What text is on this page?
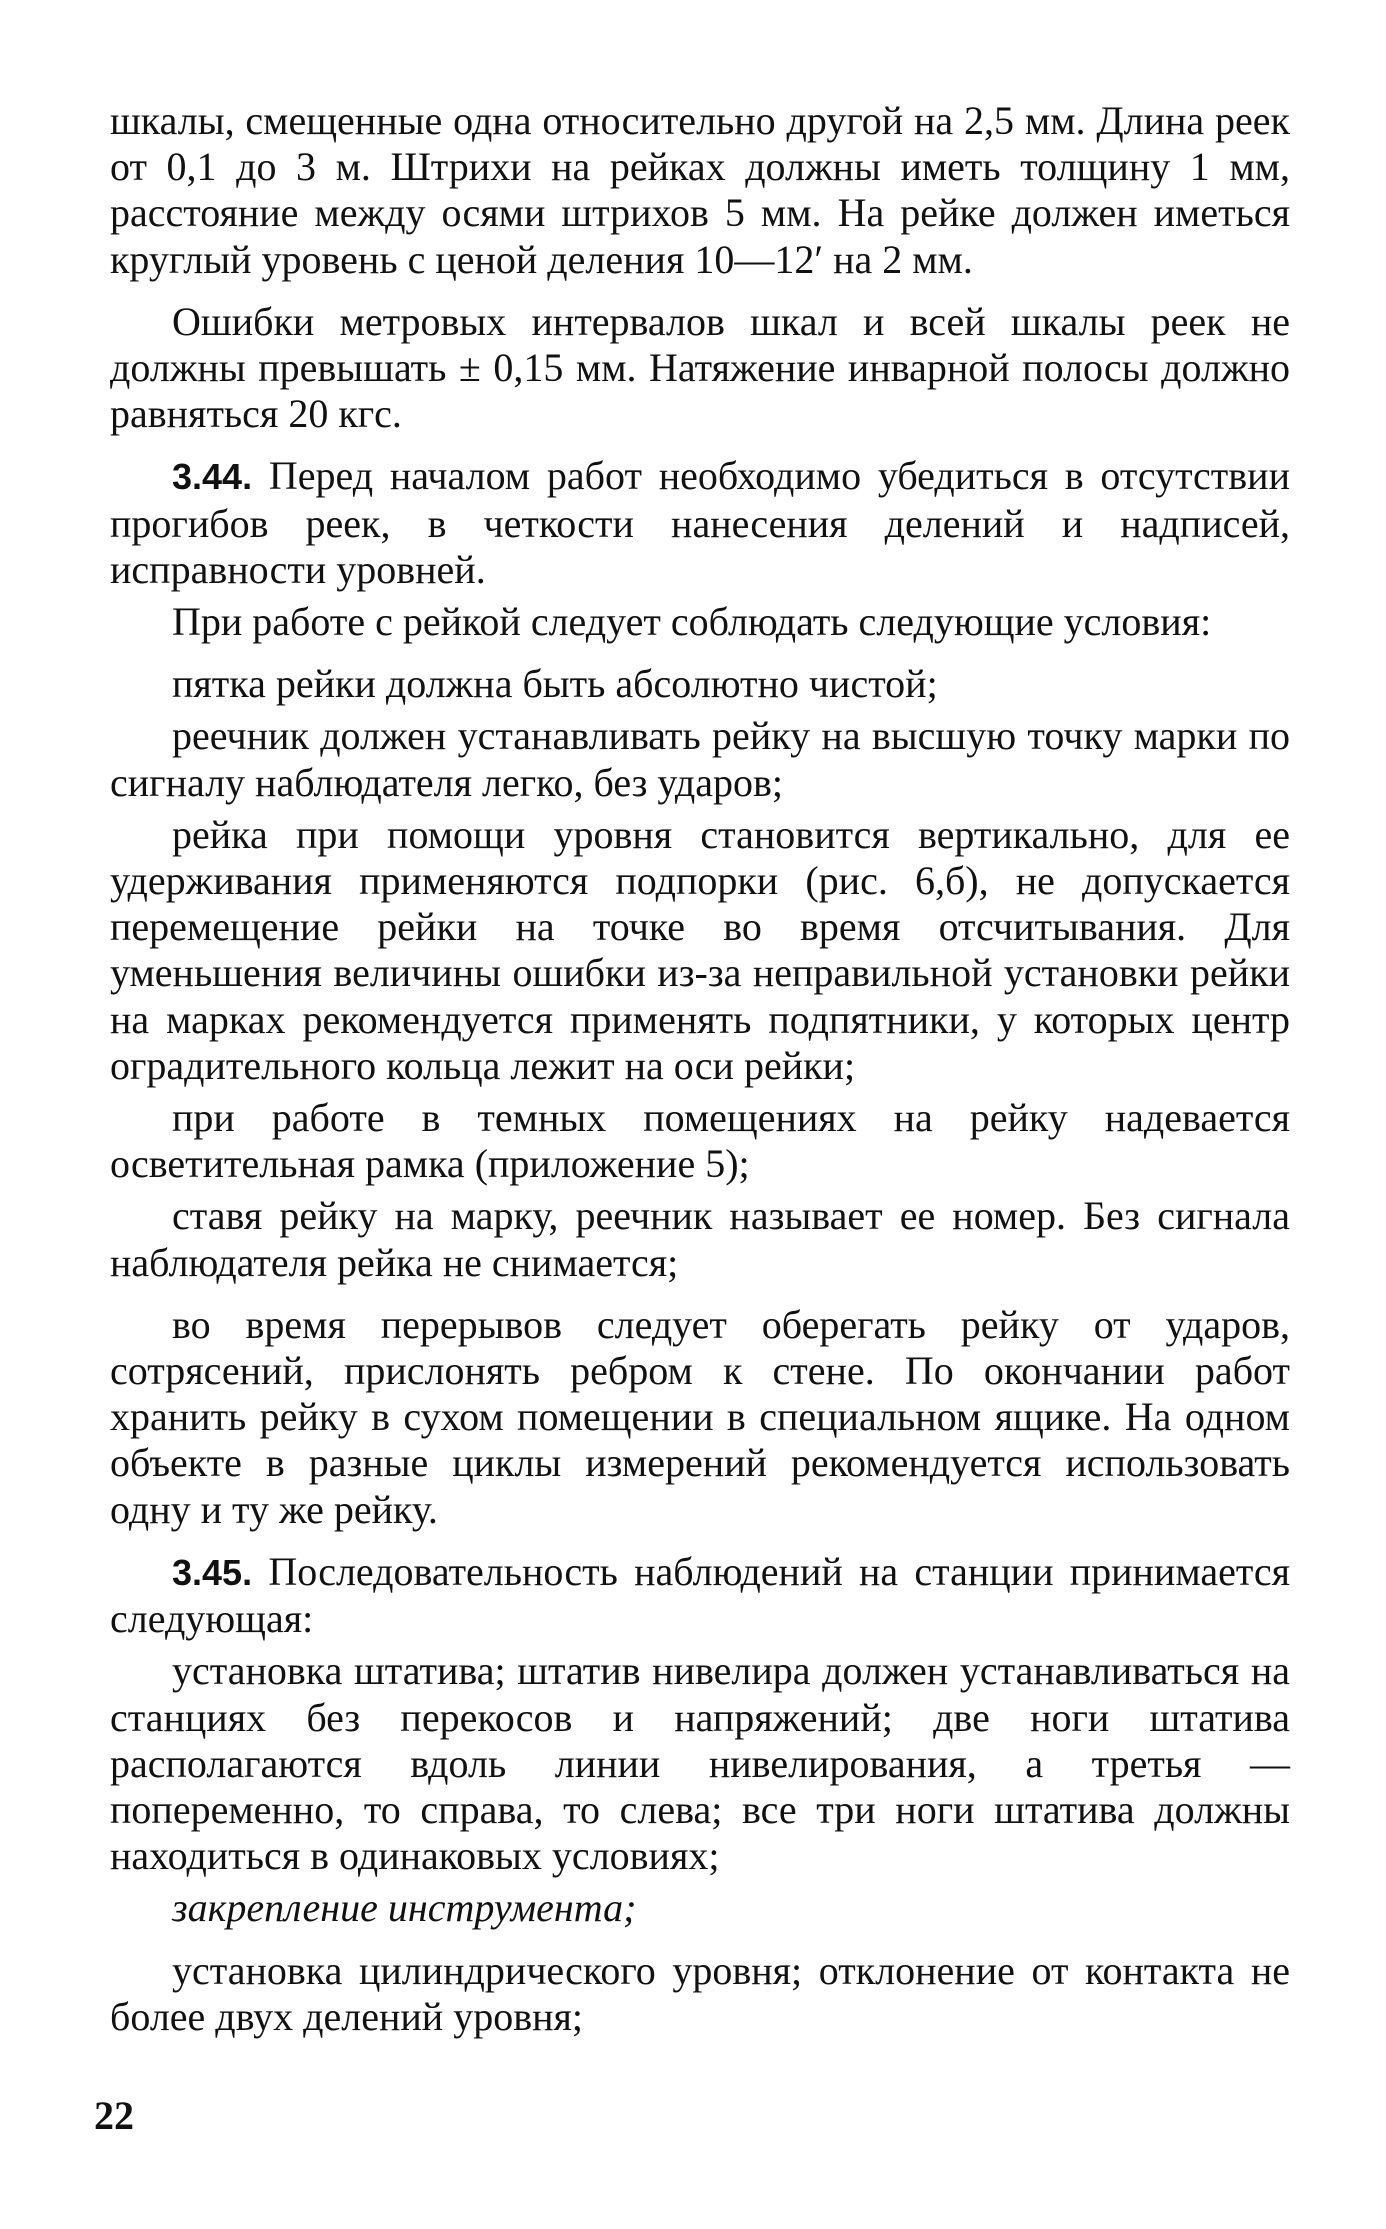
шкалы, смещенные одна относительно другой на 2,5 мм. Длина реек от 0,1 до 3 м. Штрихи на рейках должны иметь толщину 1 мм, расстояние между осями штрихов 5 мм. На рейке должен иметься круглый уровень с ценой деления 10—12′ на 2 мм.

Ошибки метровых интервалов шкал и всей шкалы реек не должны превышать ± 0,15 мм. Натяжение инварной полосы должно равняться 20 кгс.

3.44. Перед началом работ необходимо убедиться в отсутствии прогибов реек, в четкости нанесения делений и надписей, исправности уровней.

При работе с рейкой следует соблюдать следующие условия:

пятка рейки должна быть абсолютно чистой;

реечник должен устанавливать рейку на высшую точку марки по сигналу наблюдателя легко, без ударов;

рейка при помощи уровня становится вертикально, для ее удерживания применяются подпорки (рис. 6,б), не допускается перемещение рейки на точке во время отсчитывания. Для уменьшения величины ошибки из-за неправильной установки рейки на марках рекомендуется применять подпятники, у которых центр оградительного кольца лежит на оси рейки;

при работе в темных помещениях на рейку надевается осветительная рамка (приложение 5);

ставя рейку на марку, реечник называет ее номер. Без сигнала наблюдателя рейка не снимается;

во время перерывов следует оберегать рейку от ударов, сотрясений, прислонять ребром к стене. По окончании работ хранить рейку в сухом помещении в специальном ящике. На одном объекте в разные циклы измерений рекомендуется использовать одну и ту же рейку.

3.45. Последовательность наблюдений на станции принимается следующая:

установка штатива; штатив нивелира должен устанавливаться на станциях без перекосов и напряжений; две ноги штатива располагаются вдоль линии нивелирования, а третья — попеременно, то справа, то слева; все три ноги штатива должны находиться в одинаковых условиях;

закрепление инструмента;

установка цилиндрического уровня; отклонение от контакта не более двух делений уровня;

22
